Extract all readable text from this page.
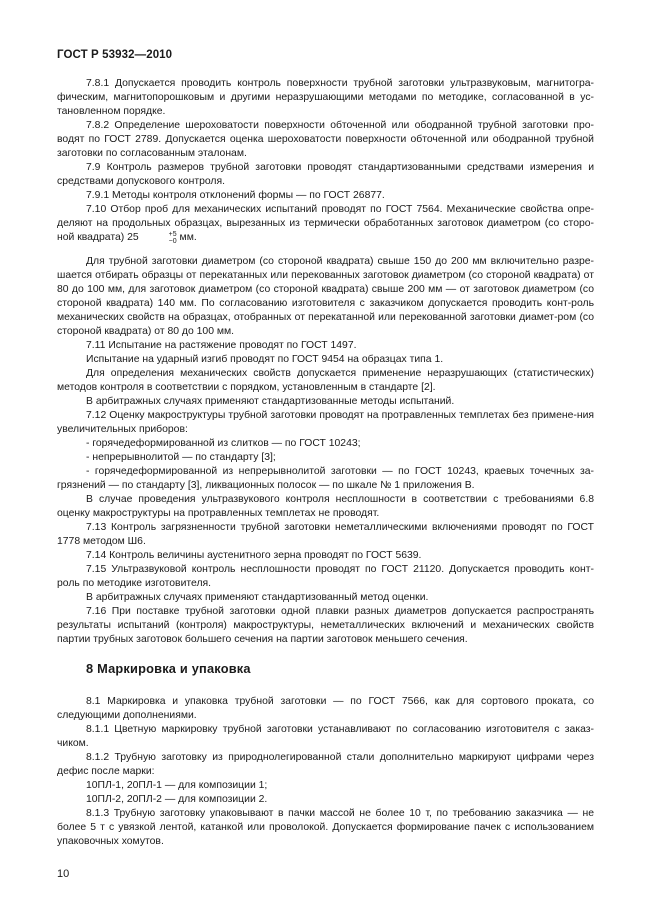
ГОСТ Р 53932—2010

7.8.1 Допускается проводить контроль поверхности трубной заготовки ультразвуковым, магнитогра-фическим, магнитопорошковым и другими неразрушающими методами по методике, согласованной в ус-тановленном порядке.

7.8.2 Определение шероховатости поверхности обточенной или ободранной трубной заготовки про-водят по ГОСТ 2789. Допускается оценка шероховатости поверхности обточенной или ободранной трубной заготовки по согласованным эталонам.

7.9 Контроль размеров трубной заготовки проводят стандартизованными средствами измерения и средствами допускового контроля.

7.9.1 Методы контроля отклонений формы — по ГОСТ 26877.

7.10 Отбор проб для механических испытаний проводят по ГОСТ 7564. Механические свойства опре-деляют на продольных образцах, вырезанных из термически обработанных заготовок диаметром (со сторо-ной квадрата) 25	+5
−0 мм.

Для трубной заготовки диаметром (со стороной квадрата) свыше 150 до 200 мм включительно разре-шается отбирать образцы от перекатанных или перекованных заготовок диаметром (со стороной квадрата) от 80 до 100 мм, для заготовок диаметром (со стороной квадрата) свыше 200 мм — от заготовок диаметром (со стороной квадрата) 140 мм. По согласованию изготовителя с заказчиком допускается проводить конт-роль механических свойств на образцах, отобранных от перекатанной или перекованной заготовки диамет-ром (со стороной квадрата) от 80 до 100 мм.

7.11 Испытание на растяжение проводят по ГОСТ 1497.

Испытание на ударный изгиб проводят по ГОСТ 9454 на образцах типа 1.

Для определения механических свойств допускается применение неразрушающих (статистических) методов контроля в соответствии с порядком, установленным в стандарте [2].

В арбитражных случаях применяют стандартизованные методы испытаний.

7.12 Оценку макроструктуры трубной заготовки проводят на протравленных темплетах без примене-ния увеличительных приборов:

- горячедеформированной из слитков — по ГОСТ 10243;

- непрерывнолитой — по стандарту [3];

- горячедеформированной из непрерывнолитой заготовки — по ГОСТ 10243, краевых точечных за-грязнений — по стандарту [3], ликвационных полосок — по шкале № 1 приложения В.

В случае проведения ультразвукового контроля несплошности в соответствии с требованиями 6.8 оценку макроструктуры на протравленных темплетах не проводят.

7.13 Контроль загрязненности трубной заготовки неметаллическими включениями проводят по ГОСТ 1778 методом Ш6.

7.14 Контроль величины аустенитного зерна проводят по ГОСТ 5639.

7.15 Ультразвуковой контроль несплошности проводят по ГОСТ 21120. Допускается проводить конт-роль по методике изготовителя.

В арбитражных случаях применяют стандартизованный метод оценки.

7.16 При поставке трубной заготовки одной плавки разных диаметров допускается распространять результаты испытаний (контроля) макроструктуры, неметаллических включений и механических свойств партии трубных заготовок большего сечения на партии заготовок меньшего сечения.

8 Маркировка и упаковка

8.1 Маркировка и упаковка трубной заготовки — по ГОСТ 7566, как для сортового проката, со следующими дополнениями.

8.1.1 Цветную маркировку трубной заготовки устанавливают по согласованию изготовителя с заказ-чиком.

8.1.2 Трубную заготовку из природнолегированной стали дополнительно маркируют цифрами через дефис после марки:

10ПЛ-1, 20ПЛ-1 — для композиции 1;

10ПЛ-2, 20ПЛ-2 — для композиции 2.

8.1.3 Трубную заготовку упаковывают в пачки массой не более 10 т, по требованию заказчика — не более 5 т с увязкой лентой, катанкой или проволокой. Допускается формирование пачек с использованием упаковочных хомутов.

10
